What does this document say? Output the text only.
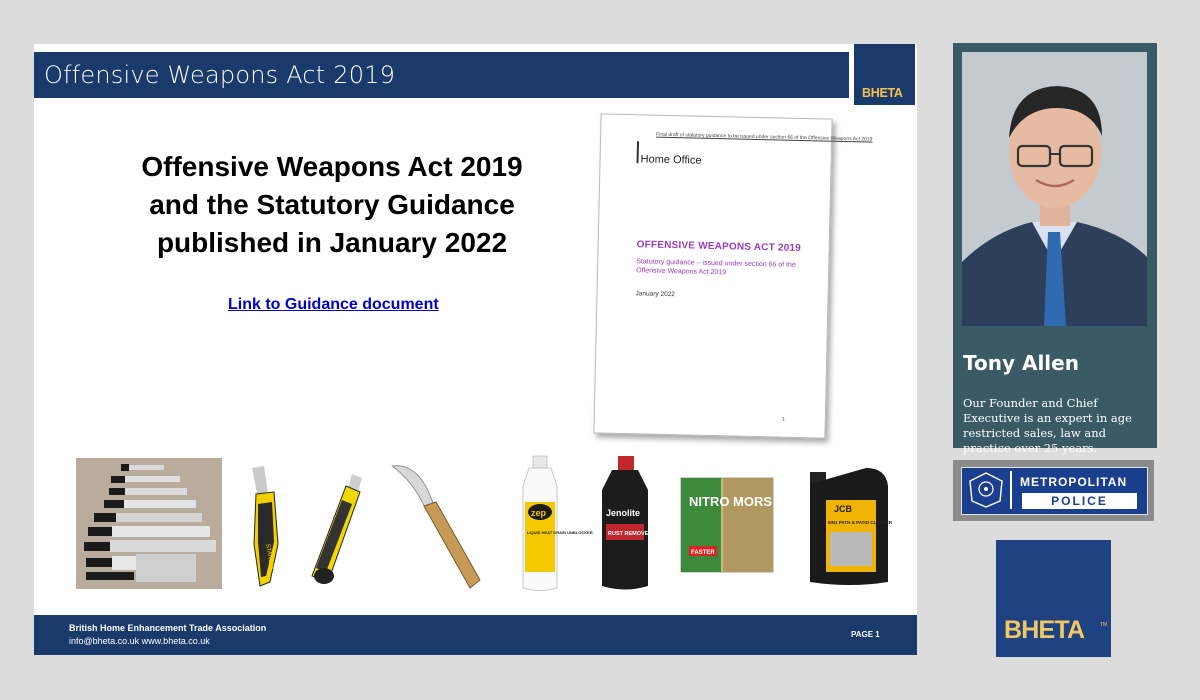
Offensive Weapons Act 2019
BHETA
Offensive Weapons Act 2019
and the Statutory Guidance
published in January 2022
Link to Guidance document
Final draft of statutory guidance to be issued under section 66 of the Offensive Weapons Act 2019
Home Office
OFFENSIVE WEAPONS ACT 2019
Statutory guidance – issued under section 66 of the Offensive Weapons Act 2019
January 2022
1
STANLEY
zep
LIQUID HEAT DRAIN UNBLOCKER
Jenolite
RUST REMOVER
NITRO MORS
FASTER
JCB
5IN1 PATH & PATIO CLEANER
British Home Enhancement Trade Association
info@bheta.co.uk www.bheta.co.uk
PAGE 1
Tony Allen
Our Founder and Chief Executive is an expert in age restricted sales, law and practice over 25 years.
METROPOLITAN
POLICE
BHETA	TM
